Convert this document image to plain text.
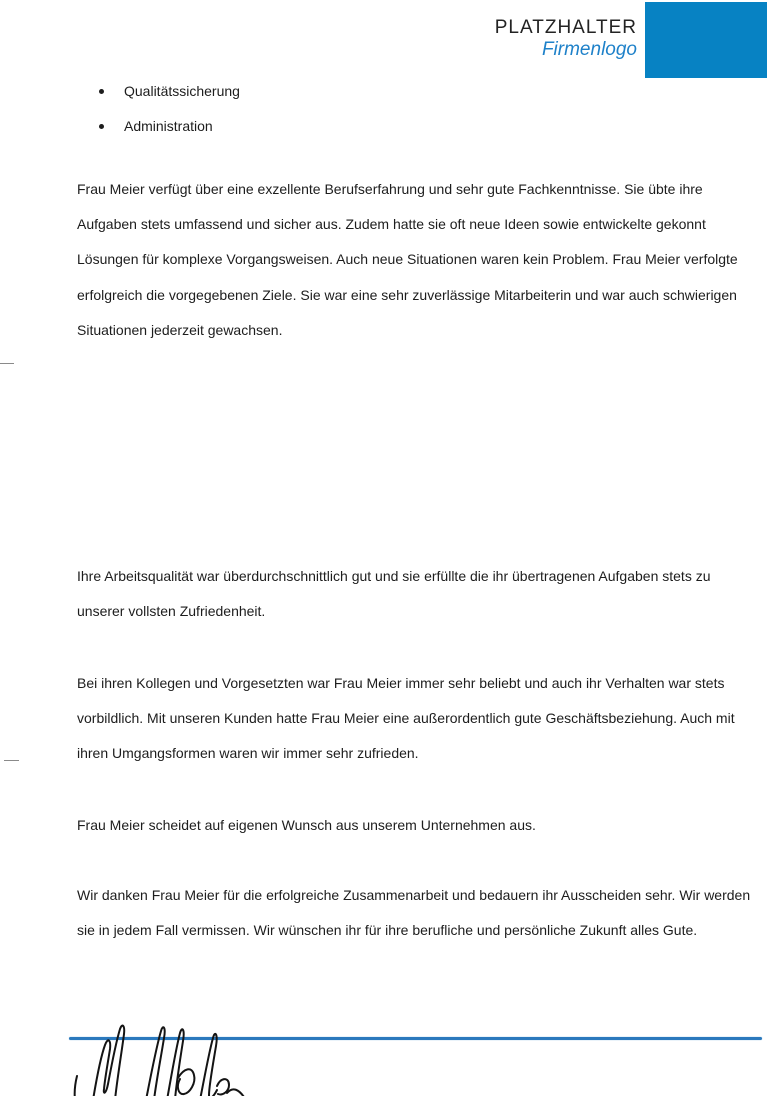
PLATZHALTER
Firmenlogo
Qualitätssicherung
Administration

Frau Meier verfügt über eine exzellente Berufserfahrung und sehr gute Fachkenntnisse. Sie übte ihre Aufgaben stets umfassend und sicher aus. Zudem hatte sie oft neue Ideen sowie entwickelte gekonnt Lösungen für komplexe Vorgangsweisen. Auch neue Situationen waren kein Problem. Frau Meier verfolgte erfolgreich die vorgegebenen Ziele. Sie war eine sehr zuverlässige Mitarbeiterin und war auch schwierigen Situationen jederzeit gewachsen.

Ihre Arbeitsqualität war überdurchschnittlich gut und sie erfüllte die ihr übertragenen Aufgaben stets zu unserer vollsten Zufriedenheit.

Bei ihren Kollegen und Vorgesetzten war Frau Meier immer sehr beliebt und auch ihr Verhalten war stets vorbildlich. Mit unseren Kunden hatte Frau Meier eine außerordentlich gute Geschäftsbeziehung. Auch mit ihren Umgangsformen waren wir immer sehr zufrieden.

Frau Meier scheidet auf eigenen Wunsch aus unserem Unternehmen aus.

Wir danken Frau Meier für die erfolgreiche Zusammenarbeit und bedauern ihr Ausscheiden sehr. Wir werden sie in jedem Fall vermissen. Wir wünschen ihr für ihre berufliche und persönliche Zukunft alles Gute.
